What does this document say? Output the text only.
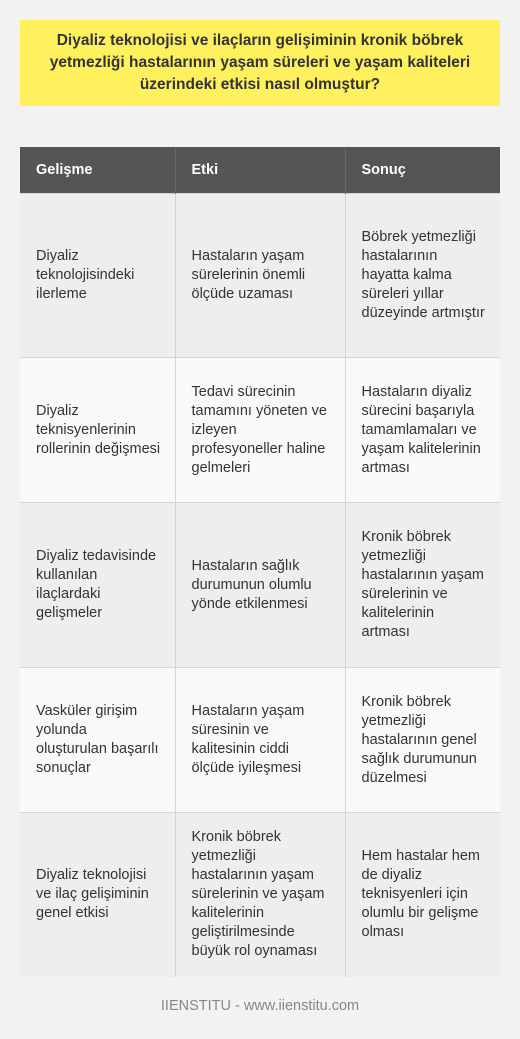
Diyaliz teknolojisi ve ilaçların gelişiminin kronik böbrek yetmezliği hastalarının yaşam süreleri ve yaşam kaliteleri üzerindeki etkisi nasıl olmuştur?
Gelişme	Etki	Sonuç
Diyaliz teknolojisindeki ilerleme	Hastaların yaşam sürelerinin önemli ölçüde uzaması	Böbrek yetmezliği hastalarının hayatta kalma süreleri yıllar düzeyinde artmıştır
Diyaliz teknisyenlerinin rollerinin değişmesi	Tedavi sürecinin tamamını yöneten ve izleyen profesyoneller haline gelmeleri	Hastaların diyaliz sürecini başarıyla tamamlamaları ve yaşam kalitelerinin artması
Diyaliz tedavisinde kullanılan ilaçlardaki gelişmeler	Hastaların sağlık durumunun olumlu yönde etkilenmesi	Kronik böbrek yetmezliği hastalarının yaşam sürelerinin ve kalitelerinin artması
Vasküler girişim yolunda oluşturulan başarılı sonuçlar	Hastaların yaşam süresinin ve kalitesinin ciddi ölçüde iyileşmesi	Kronik böbrek yetmezliği hastalarının genel sağlık durumunun düzelmesi
Diyaliz teknolojisi ve ilaç gelişiminin genel etkisi	Kronik böbrek yetmezliği hastalarının yaşam sürelerinin ve yaşam kalitelerinin geliştirilmesinde büyük rol oynaması	Hem hastalar hem de diyaliz teknisyenleri için olumlu bir gelişme olması
IIENSTITU - www.iienstitu.com
